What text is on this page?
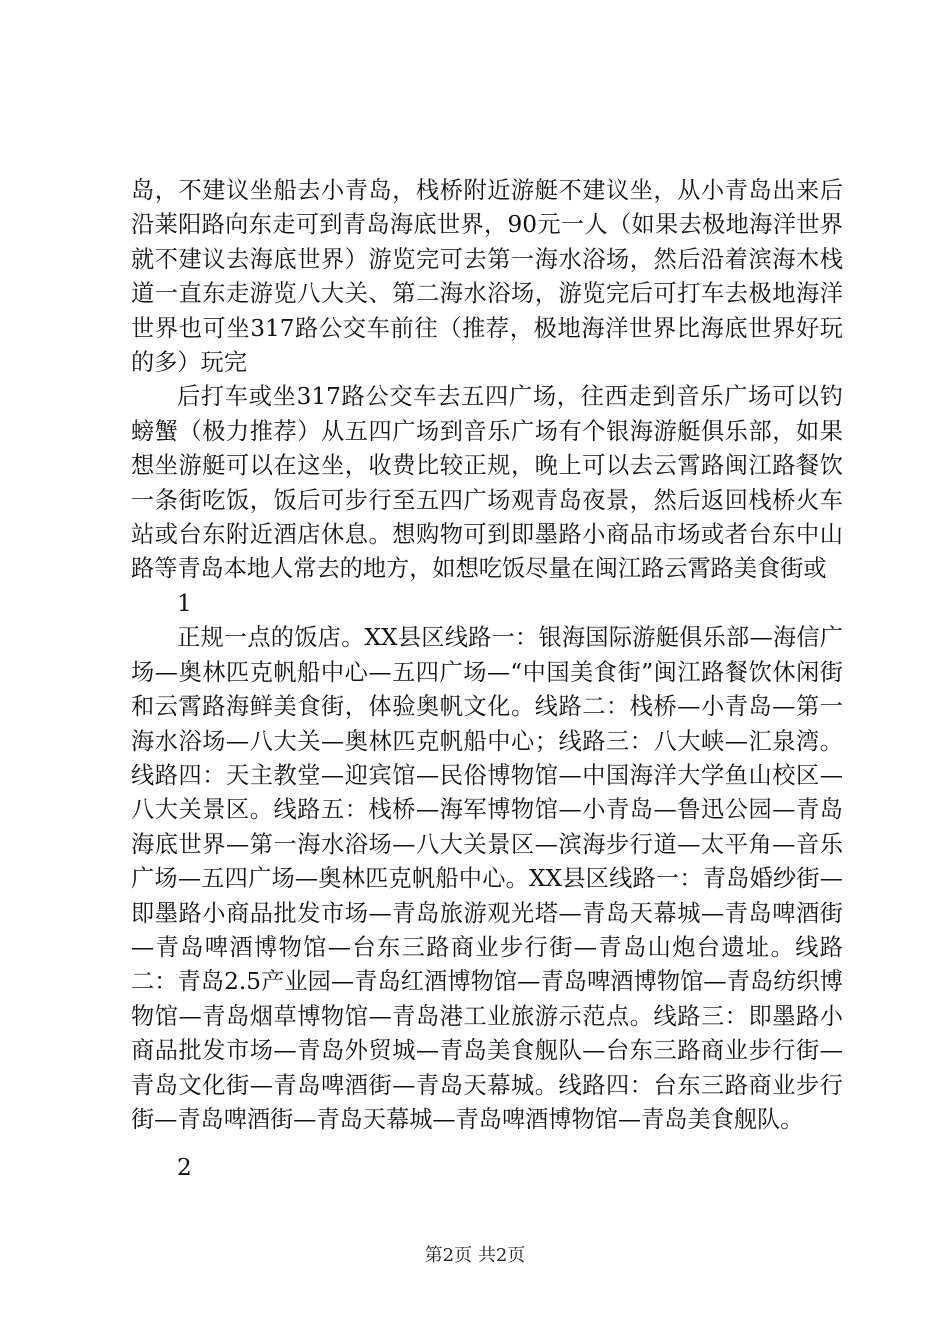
岛，不建议坐船去小青岛，栈桥附近游艇不建议坐，从小青岛出来后沿莱阳路向东走可到青岛海底世界，90元一人（如果去极地海洋世界就不建议去海底世界）游览完可去第一海水浴场，然后沿着滨海木栈道一直东走游览八大关、第二海水浴场，游览完后可打车去极地海洋世界也可坐317路公交车前往（推荐，极地海洋世界比海底世界好玩的多）玩完

后打车或坐317路公交车去五四广场，往西走到音乐广场可以钓螃蟹（极力推荐）从五四广场到音乐广场有个银海游艇俱乐部，如果想坐游艇可以在这坐，收费比较正规，晚上可以去云霄路闽江路餐饮一条街吃饭，饭后可步行至五四广场观青岛夜景，然后返回栈桥火车站或台东附近酒店休息。想购物可到即墨路小商品市场或者台东中山路等青岛本地人常去的地方，如想吃饭尽量在闽江路云霄路美食街或

1

正规一点的饭店。XX县区线路一：银海国际游艇俱乐部—海信广场—奥林匹克帆船中心—五四广场—“中国美食街”闽江路餐饮休闲街和云霄路海鲜美食街，体验奥帆文化。线路二：栈桥—小青岛—第一海水浴场—八大关—奥林匹克帆船中心；线路三：八大峡—汇泉湾。线路四：天主教堂—迎宾馆—民俗博物馆—中国海洋大学鱼山校区—八大关景区。线路五：栈桥—海军博物馆—小青岛—鲁迅公园—青岛海底世界—第一海水浴场—八大关景区—滨海步行道—太平角—音乐广场—五四广场—奥林匹克帆船中心。XX县区线路一：青岛婚纱街—即墨路小商品批发市场—青岛旅游观光塔—青岛天幕城—青岛啤酒街—青岛啤酒博物馆—台东三路商业步行街—青岛山炮台遗址。线路二：青岛2.5产业园—青岛红酒博物馆—青岛啤酒博物馆—青岛纺织博物馆—青岛烟草博物馆—青岛港工业旅游示范点。线路三：即墨路小商品批发市场—青岛外贸城—青岛美食舰队—台东三路商业步行街—青岛文化街—青岛啤酒街—青岛天幕城。线路四：台东三路商业步行街—青岛啤酒街—青岛天幕城—青岛啤酒博物馆—青岛美食舰队。

2

第2页 共2页
